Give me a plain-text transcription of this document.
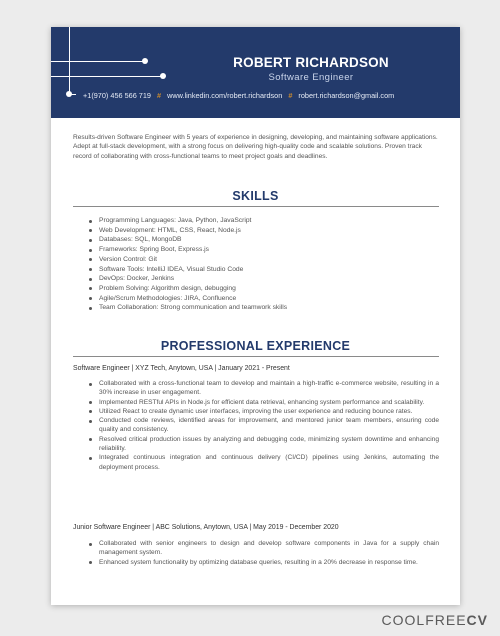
ROBERT RICHARDSON
Software Engineer
+1(970) 456 566 719 # www.linkedin.com/robert.richardson # robert.richardson@gmail.com
Results-driven Software Engineer with 5 years of experience in designing, developing, and maintaining software applications. Adept at full-stack development, with a strong focus on delivering high-quality code and scalable solutions. Proven track record of collaborating with cross-functional teams to meet project goals and deadlines.
SKILLS
Programming Languages: Java, Python, JavaScript
Web Development: HTML, CSS, React, Node.js
Databases: SQL, MongoDB
Frameworks: Spring Boot, Express.js
Version Control: Git
Software Tools: IntelliJ IDEA, Visual Studio Code
DevOps: Docker, Jenkins
Problem Solving: Algorithm design, debugging
Agile/Scrum Methodologies: JIRA, Confluence
Team Collaboration: Strong communication and teamwork skills
PROFESSIONAL EXPERIENCE
Software Engineer | XYZ Tech, Anytown, USA | January 2021 - Present
Collaborated with a cross-functional team to develop and maintain a high-traffic e-commerce website, resulting in a 30% increase in user engagement.
Implemented RESTful APIs in Node.js for efficient data retrieval, enhancing system performance and scalability.
Utilized React to create dynamic user interfaces, improving the user experience and reducing bounce rates.
Conducted code reviews, identified areas for improvement, and mentored junior team members, ensuring code quality and consistency.
Resolved critical production issues by analyzing and debugging code, minimizing system downtime and enhancing reliability.
Integrated continuous integration and continuous delivery (CI/CD) pipelines using Jenkins, automating the deployment process.
Junior Software Engineer | ABC Solutions, Anytown, USA | May 2019 - December 2020
Collaborated with senior engineers to design and develop software components in Java for a supply chain management system.
Enhanced system functionality by optimizing database queries, resulting in a 20% decrease in response time.
COOLFREECV
